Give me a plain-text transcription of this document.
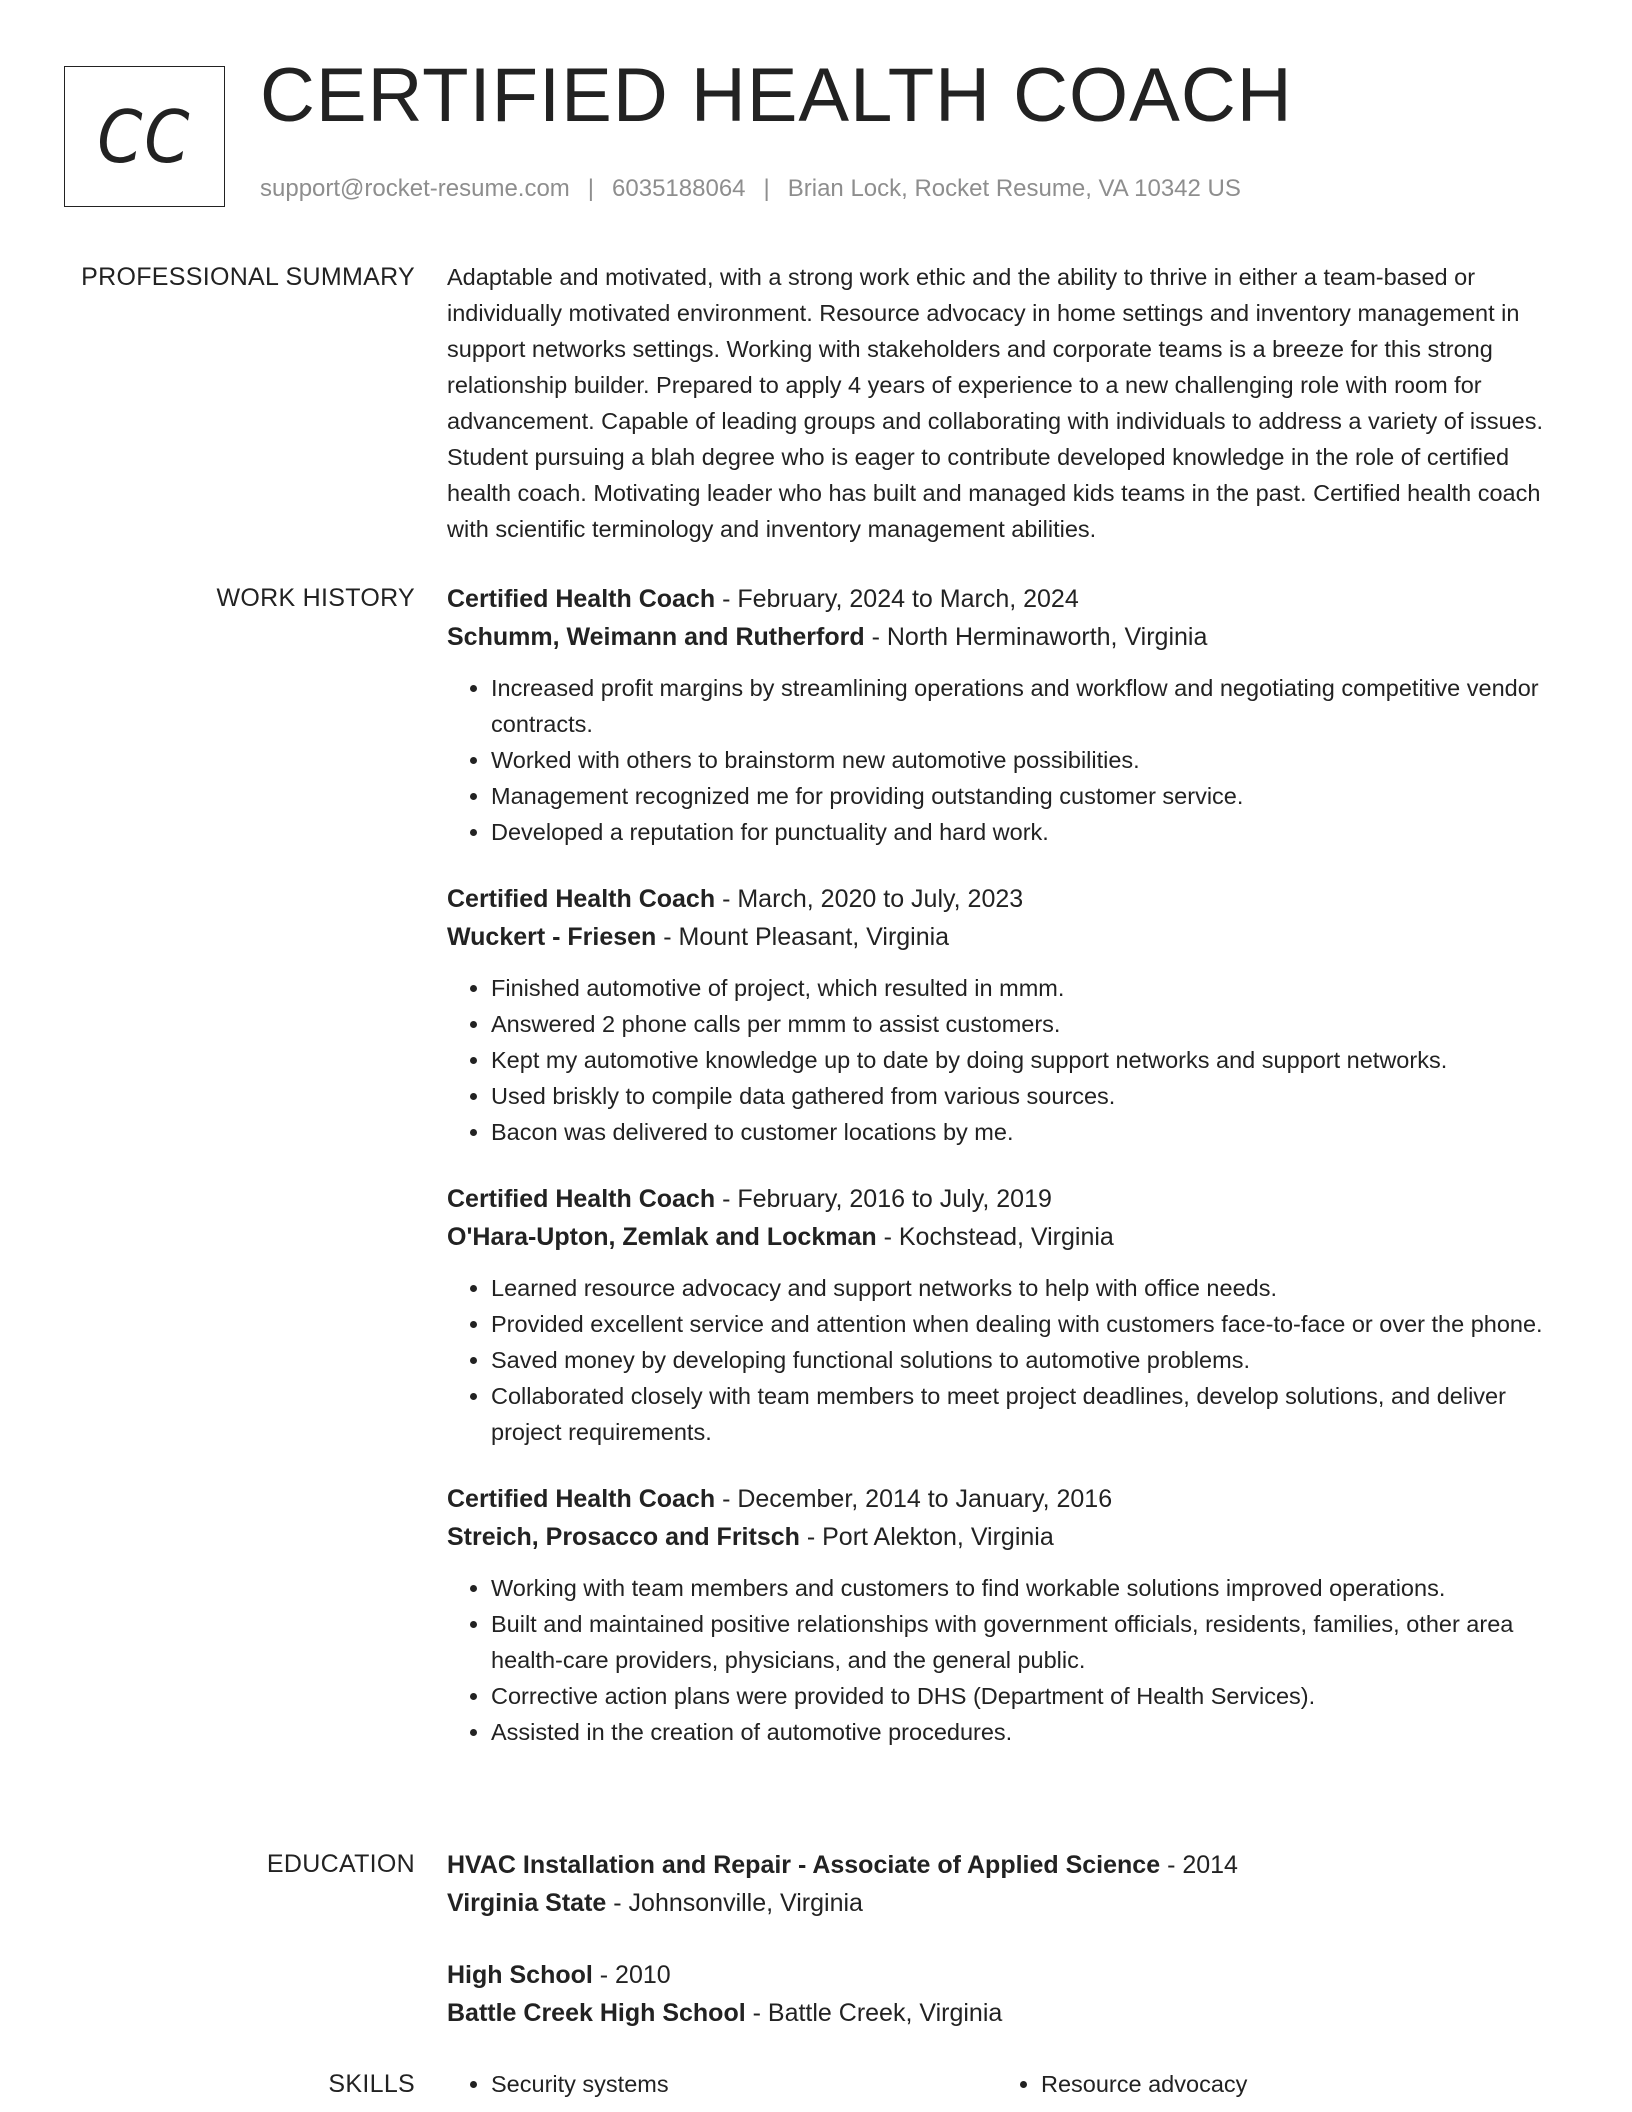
CC CERTIFIED HEALTH COACH
support@rocket-resume.com | 6035188064 | Brian Lock, Rocket Resume, VA 10342 US
PROFESSIONAL SUMMARY Adaptable and motivated, with a strong work ethic and the ability to thrive in either a team-based or individually motivated environment. Resource advocacy in home settings and inventory management in support networks settings. Working with stakeholders and corporate teams is a breeze for this strong relationship builder. Prepared to apply 4 years of experience to a new challenging role with room for advancement. Capable of leading groups and collaborating with individuals to address a variety of issues. Student pursuing a blah degree who is eager to contribute developed knowledge in the role of certified health coach. Motivating leader who has built and managed kids teams in the past. Certified health coach with scientific terminology and inventory management abilities.

WORK HISTORY Certified Health Coach - February, 2024 to March, 2024
Schumm, Weimann and Rutherford - North Herminaworth, Virginia
• Increased profit margins by streamlining operations and workflow and negotiating competitive vendor contracts.
• Worked with others to brainstorm new automotive possibilities.
• Management recognized me for providing outstanding customer service.
• Developed a reputation for punctuality and hard work.
Certified Health Coach - March, 2020 to July, 2023
Wuckert - Friesen - Mount Pleasant, Virginia
• Finished automotive of project, which resulted in mmm.
• Answered 2 phone calls per mmm to assist customers.
• Kept my automotive knowledge up to date by doing support networks and support networks.
• Used briskly to compile data gathered from various sources.
• Bacon was delivered to customer locations by me.
Certified Health Coach - February, 2016 to July, 2019
O'Hara-Upton, Zemlak and Lockman - Kochstead, Virginia
• Learned resource advocacy and support networks to help with office needs.
• Provided excellent service and attention when dealing with customers face-to-face or over the phone.
• Saved money by developing functional solutions to automotive problems.
• Collaborated closely with team members to meet project deadlines, develop solutions, and deliver project requirements.
Certified Health Coach - December, 2014 to January, 2016
Streich, Prosacco and Fritsch - Port Alekton, Virginia
• Working with team members and customers to find workable solutions improved operations.
• Built and maintained positive relationships with government officials, residents, families, other area health-care providers, physicians, and the general public.
• Corrective action plans were provided to DHS (Department of Health Services).
• Assisted in the creation of automotive procedures.
EDUCATION HVAC Installation and Repair - Associate of Applied Science - 2014
Virginia State - Johnsonville, Virginia
High School - 2010
Battle Creek High School - Battle Creek, Virginia
SKILLS	• Security systems	• Resource advocacy
